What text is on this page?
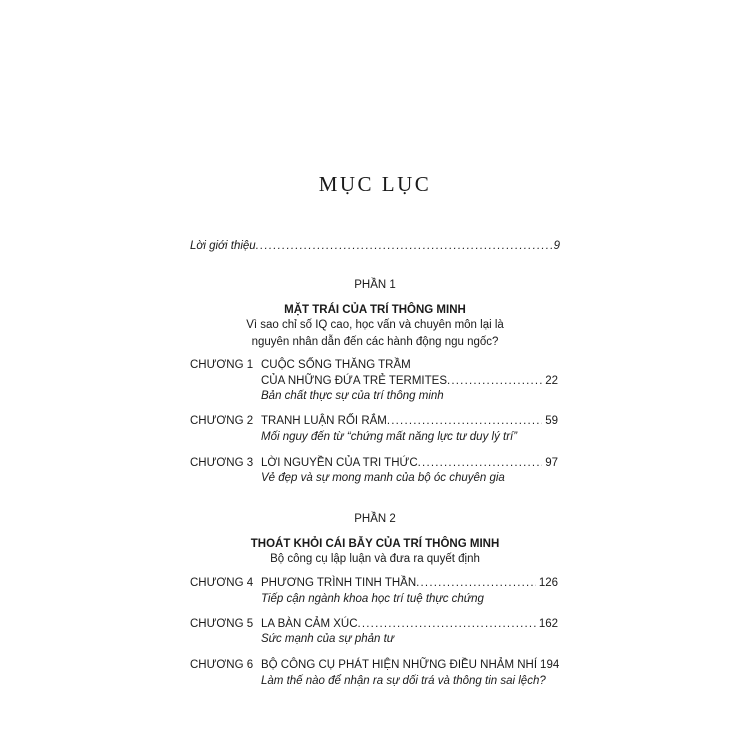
MỤC LỤC
Lời giới thiệu .....	9
PHẦN 1
MẶT TRÁI CỦA TRÍ THÔNG MINH
Vì sao chỉ số IQ cao, học vấn và chuyên môn lại là
nguyên nhân dẫn đến các hành động ngu ngốc?
CHƯƠNG 1 CUỘC SỐNG THĂNG TRẦM
CỦA NHỮNG ĐỨA TRẺ TERMITES .....	22
Bản chất thực sự của trí thông minh
CHƯƠNG 2 TRANH LUẬN RỐI RẮM .....	59
Mối nguy đến từ “chứng mất năng lực tư duy lý trí”
CHƯƠNG 3 LỜI NGUYỀN CỦA TRI THỨC .....	97
Vẻ đẹp và sự mong manh của bộ óc chuyên gia
PHẦN 2
THOÁT KHỎI CÁI BẪY CỦA TRÍ THÔNG MINH
Bộ công cụ lập luận và đưa ra quyết định
CHƯƠNG 4 PHƯƠNG TRÌNH TINH THẦN .....	126
Tiếp cận ngành khoa học trí tuệ thực chứng
CHƯƠNG 5 LA BÀN CẢM XÚC .....	162
Sức mạnh của sự phản tư
CHƯƠNG 6 BỘ CÔNG CỤ PHÁT HIỆN NHỮNG ĐIỀU NHẢM NHÍ 194
Làm thế nào để nhận ra sự dối trá và thông tin sai lệch?
